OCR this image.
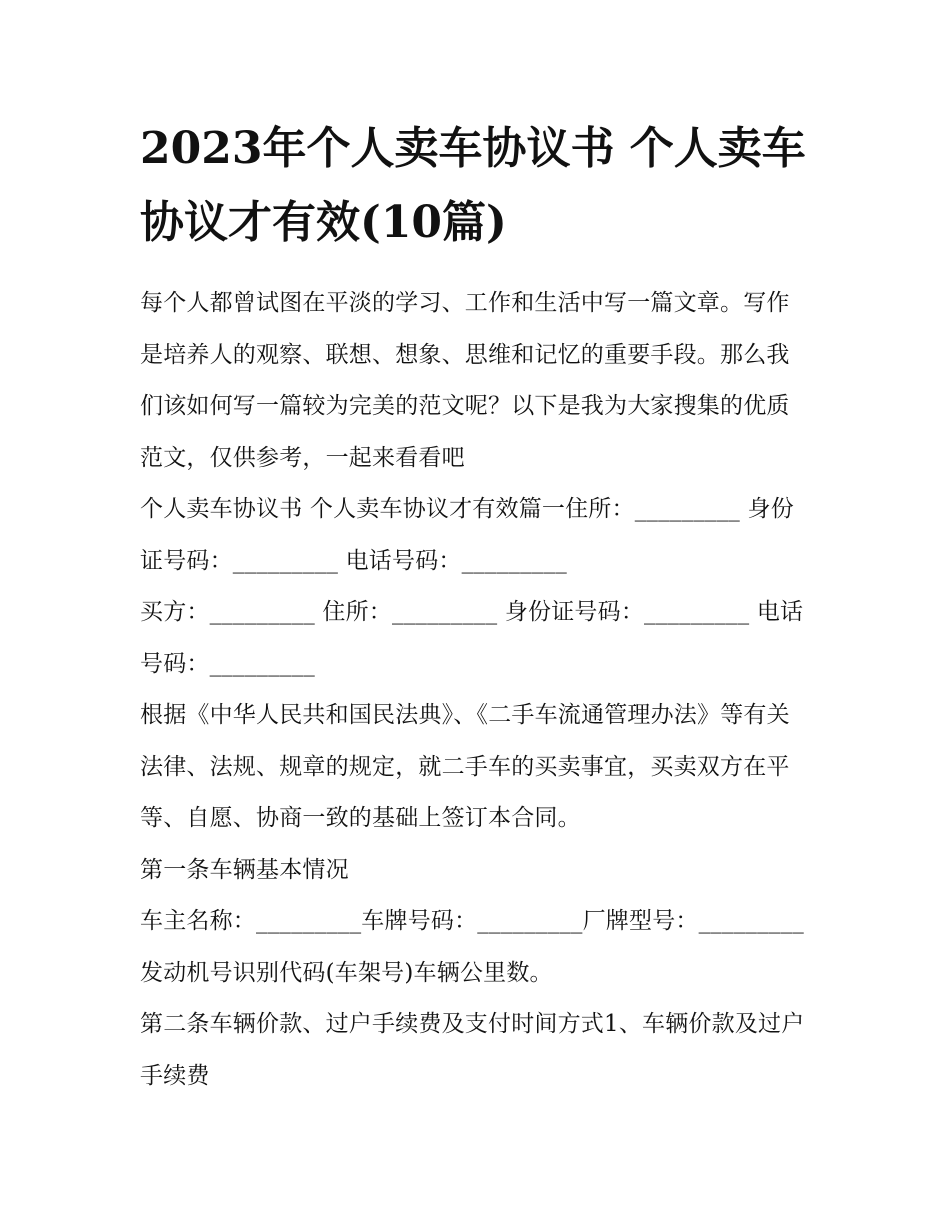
2023年个人卖车协议书 个人卖车协议才有效(10篇)

每个人都曾试图在平淡的学习、工作和生活中写一篇文章。写作是培养人的观察、联想、想象、思维和记忆的重要手段。那么我们该如何写一篇较为完美的范文呢？以下是我为大家搜集的优质范文，仅供参考，一起来看看吧

个人卖车协议书 个人卖车协议才有效篇一住所：_________ 身份证号码：_________ 电话号码：_________

买方：_________ 住所：_________ 身份证号码：_________ 电话号码：_________

根据《中华人民共和国民法典》、《二手车流通管理办法》等有关法律、法规、规章的规定，就二手车的买卖事宜，买卖双方在平等、自愿、协商一致的基础上签订本合同。

第一条车辆基本情况

车主名称：_________车牌号码：_________厂牌型号：_________发动机号识别代码(车架号)车辆公里数。

第二条车辆价款、过户手续费及支付时间方式1、车辆价款及过户手续费
